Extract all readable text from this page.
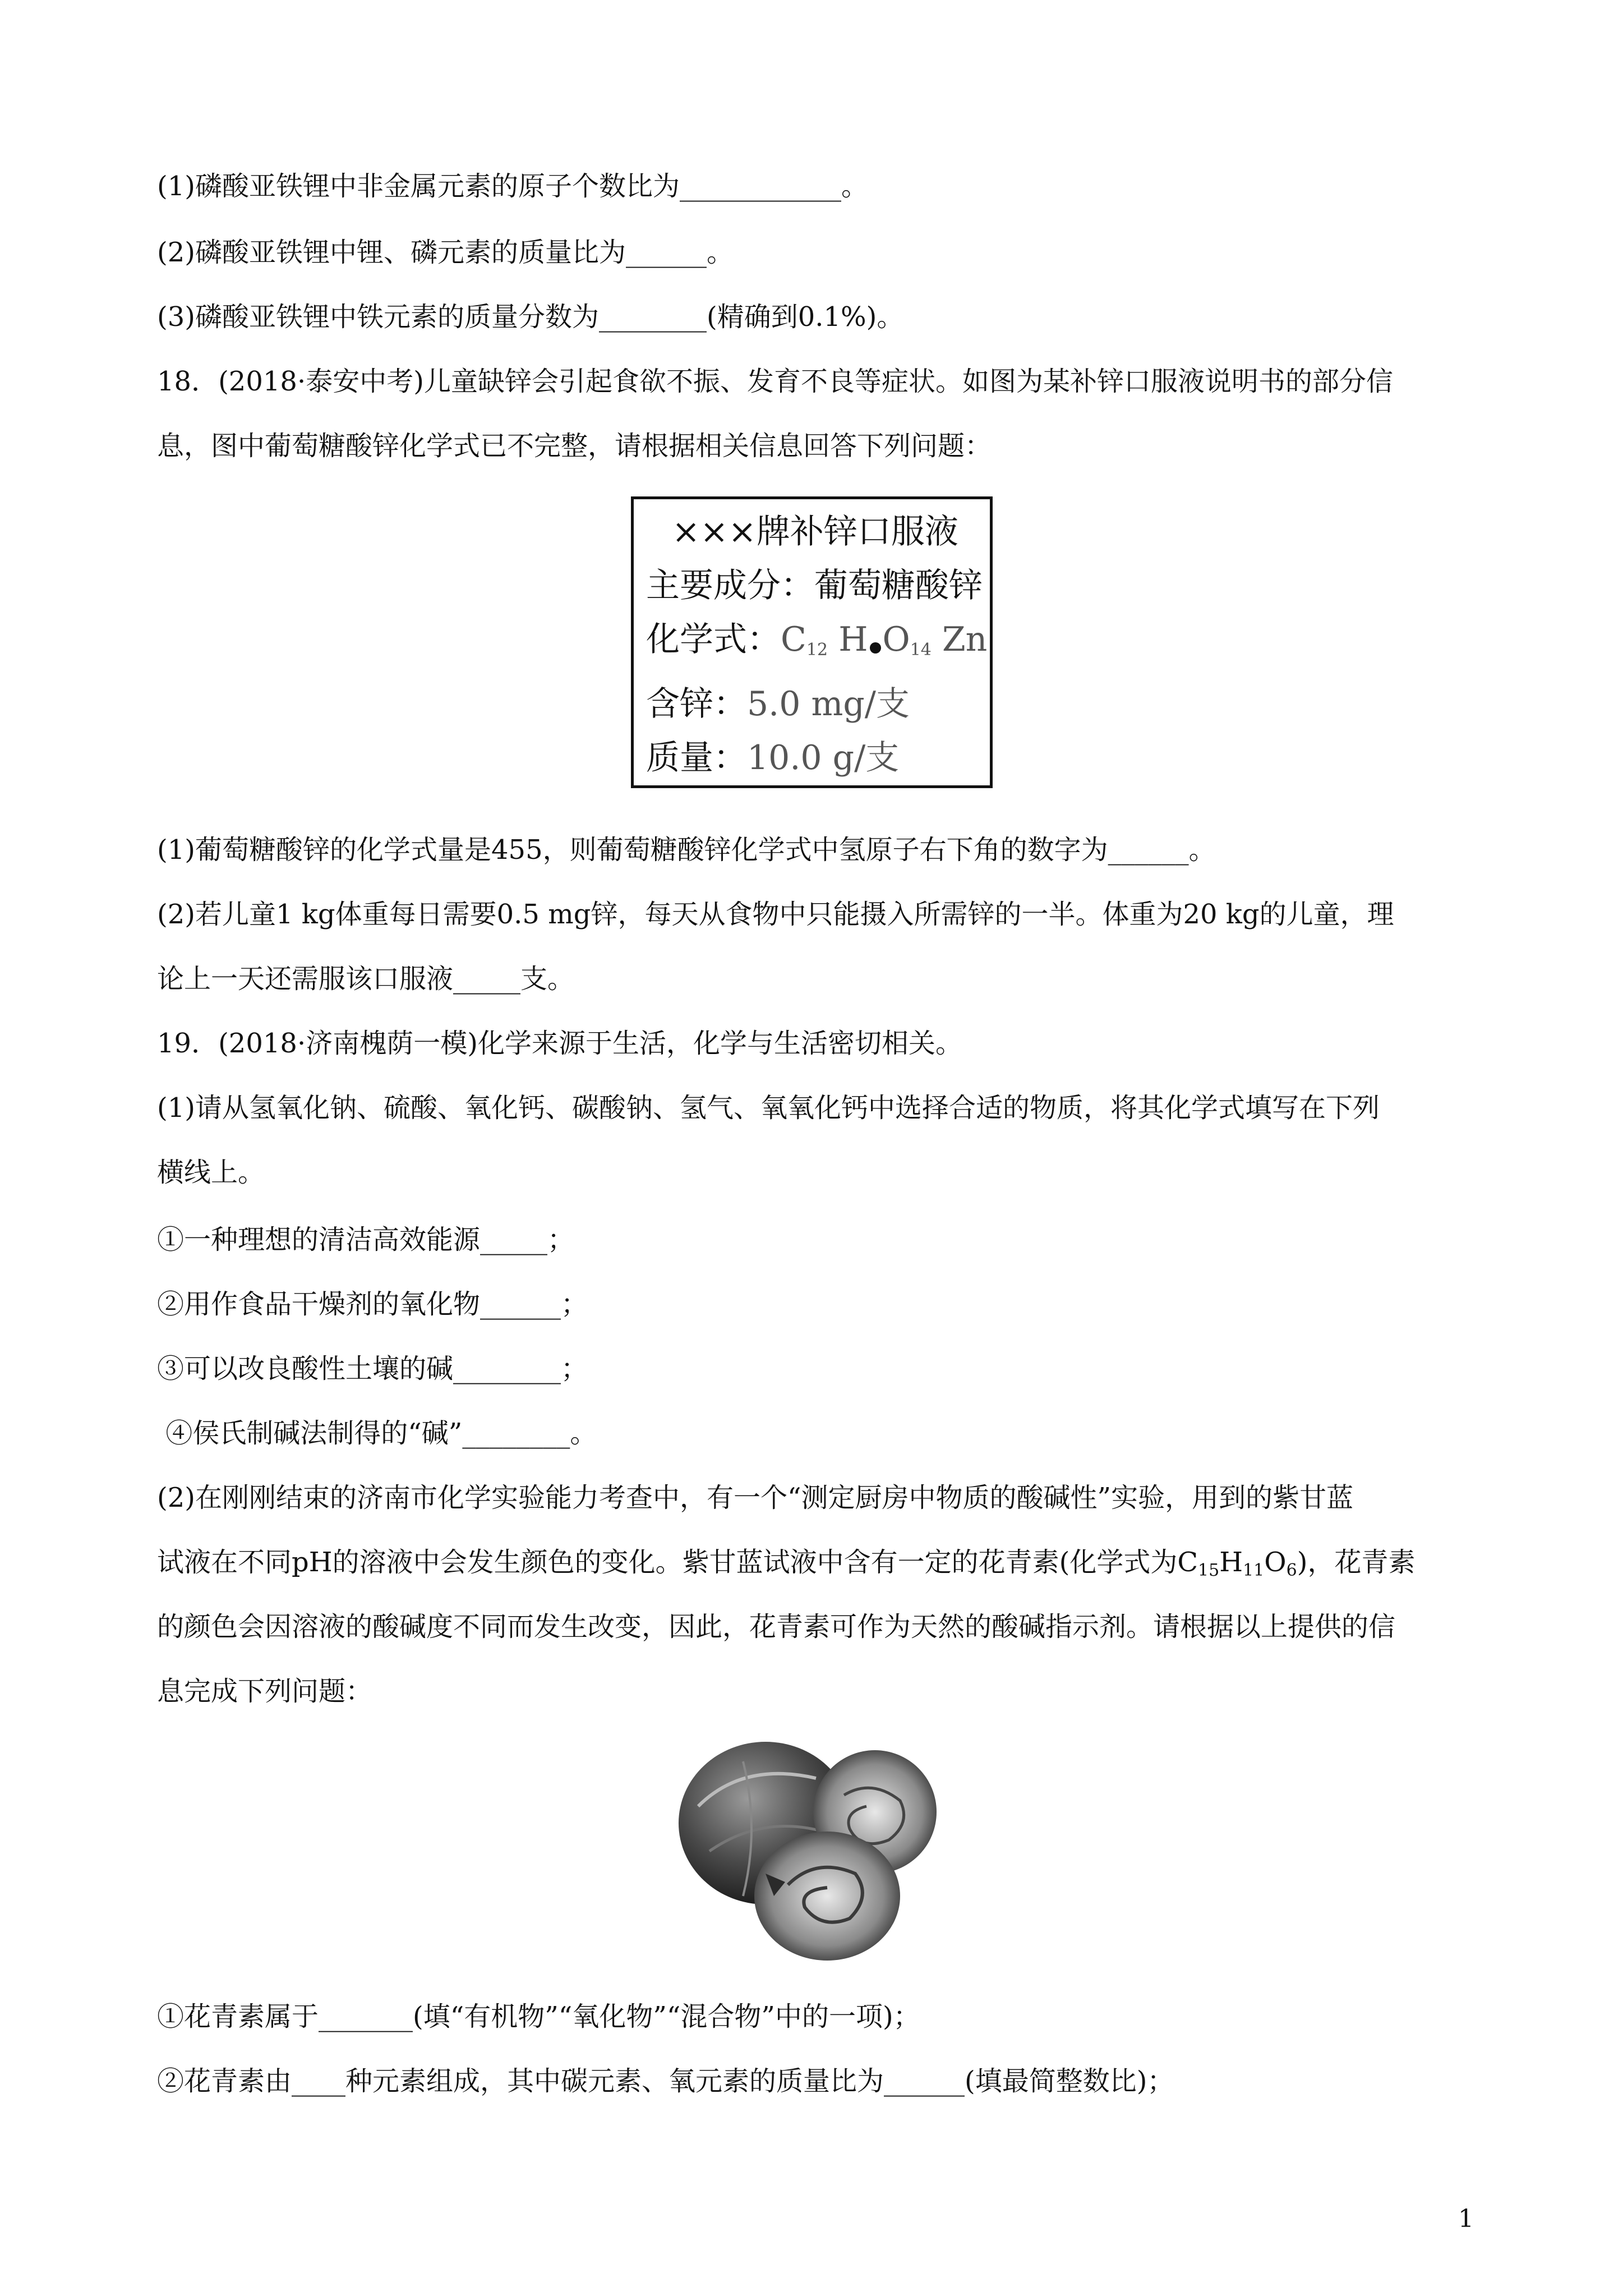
(1)磷酸亚铁锂中非金属元素的原子个数比为____________。
(2)磷酸亚铁锂中锂、磷元素的质量比为______。
(3)磷酸亚铁锂中铁元素的质量分数为________(精确到0.1%)。
18．(2018·泰安中考)儿童缺锌会引起食欲不振、发育不良等症状。如图为某补锌口服液说明书的部分信
息，图中葡萄糖酸锌化学式已不完整，请根据相关信息回答下列问题：
×××牌补锌口服液
主要成分：葡萄糖酸锌
化学式：$C_{12}$ H $O_{14}$ Zn
含锌：5.0 mg/支
质量：10.0 g/支
(1)葡萄糖酸锌的化学式量是455，则葡萄糖酸锌化学式中氢原子右下角的数字为______。
(2)若儿童1 kg体重每日需要0.5 mg锌，每天从食物中只能摄入所需锌的一半。体重为20 kg的儿童，理
论上一天还需服该口服液_____支。
19．(2018·济南槐荫一模)化学来源于生活，化学与生活密切相关。
(1)请从氢氧化钠、硫酸、氧化钙、碳酸钠、氢气、氧氧化钙中选择合适的物质，将其化学式填写在下列
横线上。
①一种理想的清洁高效能源_____；
②用作食品干燥剂的氧化物______；
③可以改良酸性土壤的碱________；
④侯氏制碱法制得的“碱”________。
(2)在刚刚结束的济南市化学实验能力考查中，有一个“测定厨房中物质的酸碱性”实验，用到的紫甘蓝
试液在不同pH的溶液中会发生颜色的变化。紫甘蓝试液中含有一定的花青素(化学式为$C_{15}H_{11}O_6$)，花青素
的颜色会因溶液的酸碱度不同而发生改变，因此，花青素可作为天然的酸碱指示剂。请根据以上提供的信
息完成下列问题：
①花青素属于_______(填“有机物”“氧化物”“混合物”中的一项)；
②花青素由____种元素组成，其中碳元素、氧元素的质量比为______(填最简整数比)；
1
